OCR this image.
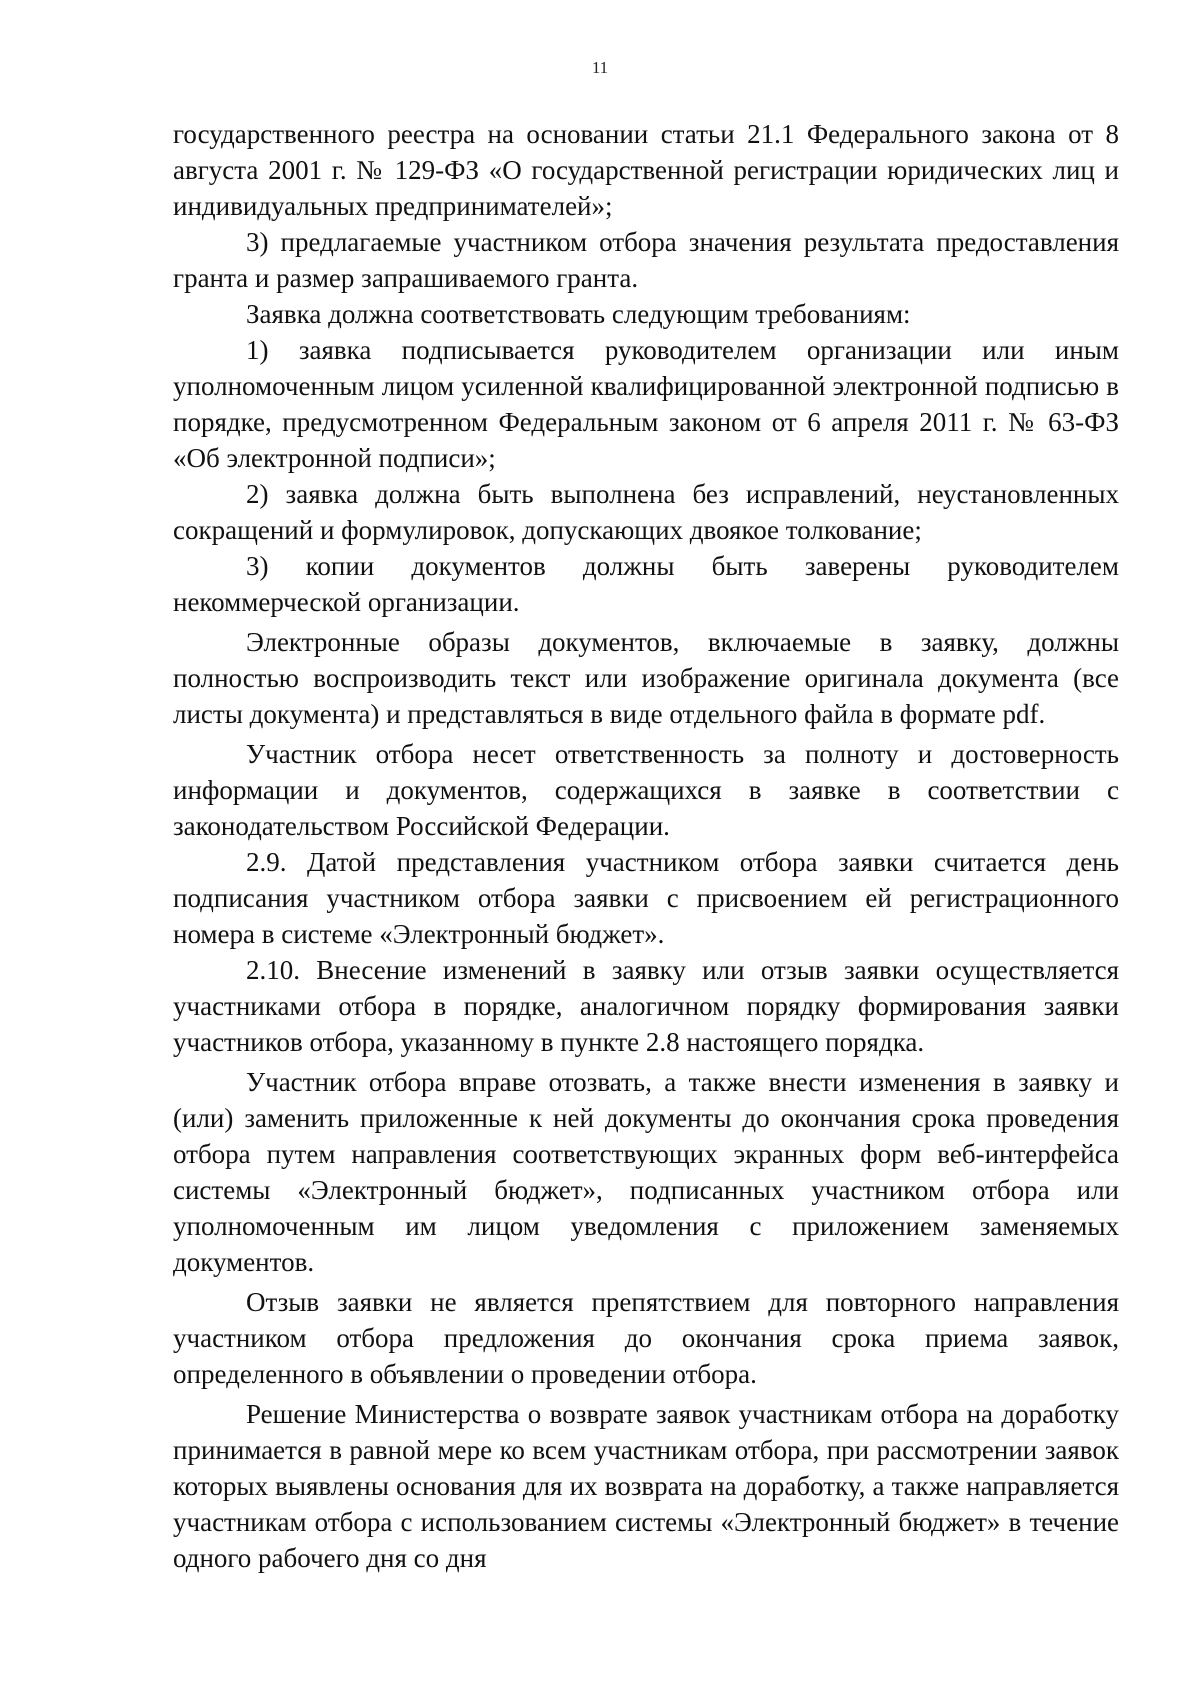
11

государственного реестра на основании статьи 21.1 Федерального закона от 8 августа 2001 г. № 129-ФЗ «О государственной регистрации юридических лиц и индивидуальных предпринимателей»;

3) предлагаемые участником отбора значения результата предоставления гранта и размер запрашиваемого гранта.

Заявка должна соответствовать следующим требованиям:

1) заявка подписывается руководителем организации или иным уполномоченным лицом усиленной квалифицированной электронной подписью в порядке, предусмотренном Федеральным законом от 6 апреля 2011 г. № 63-ФЗ «Об электронной подписи»;

2) заявка должна быть выполнена без исправлений, неустановленных сокращений и формулировок, допускающих двоякое толкование;

3) копии документов должны быть заверены руководителем некоммерческой организации.

Электронные образы документов, включаемые в заявку, должны полностью воспроизводить текст или изображение оригинала документа (все листы документа) и представляться в виде отдельного файла в формате pdf.

Участник отбора несет ответственность за полноту и достоверность информации и документов, содержащихся в заявке в соответствии с законодательством Российской Федерации.

2.9. Датой представления участником отбора заявки считается день подписания участником отбора заявки с присвоением ей регистрационного номера в системе «Электронный бюджет».

2.10. Внесение изменений в заявку или отзыв заявки осуществляется участниками отбора в порядке, аналогичном порядку формирования заявки участников отбора, указанному в пункте 2.8 настоящего порядка.

Участник отбора вправе отозвать, а также внести изменения в заявку и (или) заменить приложенные к ней документы до окончания срока проведения отбора путем направления соответствующих экранных форм веб-интерфейса системы «Электронный бюджет», подписанных участником отбора или уполномоченным им лицом уведомления с приложением заменяемых документов.

Отзыв заявки не является препятствием для повторного направления участником отбора предложения до окончания срока приема заявок, определенного в объявлении о проведении отбора.

Решение Министерства о возврате заявок участникам отбора на доработку принимается в равной мере ко всем участникам отбора, при рассмотрении заявок которых выявлены основания для их возврата на доработку, а также направляется участникам отбора с использованием системы «Электронный бюджет» в течение одного рабочего дня со дня
